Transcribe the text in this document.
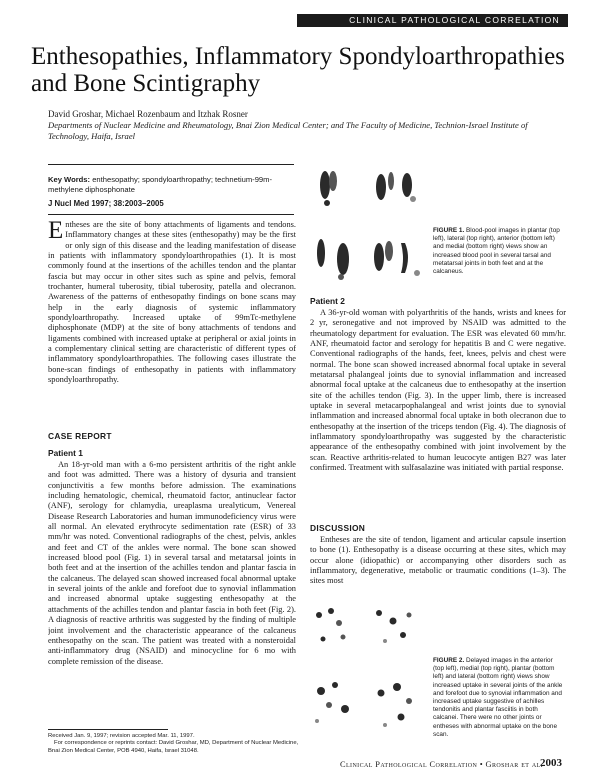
CLINICAL PATHOLOGICAL CORRELATION
Enthesopathies, Inflammatory Spondyloarthropathies and Bone Scintigraphy
David Groshar, Michael Rozenbaum and Itzhak Rosner
Departments of Nuclear Medicine and Rheumatology, Bnai Zion Medical Center; and The Faculty of Medicine, Technion-Israel Institute of Technology, Haifa, Israel
Key Words: enthesopathy; spondyloarthropathy; technetium-99m-methylene diphosphonate
J Nucl Med 1997; 38:2003–2005

Entheses are the site of bony attachments of ligaments and tendons. Inflammatory changes at these sites (enthesopathy) may be the first or only sign of this disease and the leading manifestation of disease in patients with inflammatory spondyloarthropathies (1). It is most commonly found at the insertions of the achilles tendon and the plantar fascia but may occur in other sites such as spine and pelvis, femoral trochanter, humeral tuberosity, tibial tuberosity, patella and olecranon. Awareness of the patterns of enthesopathy findings on bone scans may help in the early diagnosis of systemic inflammatory spondyloarthropathy. Increased uptake of 99mTc-methylene diphosphonate (MDP) at the site of bony attachments of tendons and ligaments combined with increased uptake at peripheral or axial joints in a complementary clinical setting are characteristic of different types of inflammatory spondyloarthropathies. The following cases illustrate the bone-scan findings of enthesopathy in patients with inflammatory spondyloarthropathy.

CASE REPORT
Patient 1

An 18-yr-old man with a 6-mo persistent arthritis of the right ankle and foot was admitted. There was a history of dysuria and transient conjunctivitis a few months before admission. The examinations including hematologic, chemical, rheumatoid factor, antinuclear factor (ANF), serology for chlamydia, ureaplasma urealyticum, Venereal Disease Research Laboratories and human immunodeficiency virus were all normal. An elevated erythrocyte sedimentation rate (ESR) of 33 mm/hr was noted. Conventional radiographs of the chest, pelvis, ankles and feet and CT of the ankles were normal. The bone scan showed increased blood pool (Fig. 1) in several tarsal and metatarsal joints in both feet and at the insertion of the achilles tendon and plantar fascia in the calcaneus. The delayed scan showed increased focal abnormal uptake in several joints of the ankle and forefoot due to synovial inflammation and increased abnormal uptake suggesting enthesopathy at the attachments of the achilles tendon and plantar fascia in both feet (Fig. 2). A diagnosis of reactive arthritis was suggested by the finding of multiple joint involvement and the characteristic appearance of the calcaneus enthesopathy on the scan. The patient was treated with a nonsteroidal anti-inflammatory drug (NSAID) and minocycline for 6 mo with complete remission of the disease.

Received Jan. 9, 1997; revision accepted Mar. 11, 1997.

For correspondence or reprints contact: David Groshar, MD, Department of Nuclear Medicine, Bnai Zion Medical Center, POB 4940, Haifa, Israel 31048.

FIGURE 1. Blood-pool images in plantar (top left), lateral (top right), anterior (bottom left) and medial (bottom right) views show an increased blood pool in several tarsal and metatarsal joints in both feet and at the calcaneus.
Patient 2

A 36-yr-old woman with polyarthritis of the hands, wrists and knees for 2 yr, seronegative and not improved by NSAID was admitted to the rheumatology department for evaluation. The ESR was elevated 60 mm/hr. ANF, rheumatoid factor and serology for hepatitis B and C were negative. Conventional radiographs of the hands, feet, knees, pelvis and chest were normal. The bone scan showed increased abnormal focal uptake in several metatarsal phalangeal joints due to synovial inflammation and increased abnormal focal uptake at the calcaneus due to enthesopathy at the insertion site of the achilles tendon (Fig. 3). In the upper limb, there is increased uptake in several metacarpophalangeal and wrist joints due to synovial inflammation and increased abnormal focal uptake in both olecranon due to enthesopathy at the insertion of the triceps tendon (Fig. 4). The diagnosis of inflammatory spondyloarthropathy was suggested by the characteristic appearance of the enthesopathy combined with joint involvement by the scan. Reactive arthritis-related to human leucocyte antigen B27 was later confirmed. Treatment with sulfasalazine was initiated with partial response.

DISCUSSION

Entheses are the site of tendon, ligament and articular capsule insertion to bone (1). Enthesopathy is a disease occurring at these sites, which may occur alone (idiopathic) or accompanying other disorders such as inflammatory, degenerative, metabolic or traumatic conditions (1–3). The sites most

FIGURE 2. Delayed images in the anterior (top left), medial (top right), plantar (bottom left) and lateral (bottom right) views show increased uptake in several joints of the ankle and forefoot due to synovial inflammation and increased uptake suggestive of achilles tendonitis and plantar fasciitis in both calcanei. There were no other joints or entheses with abnormal uptake on the bone scan.
Clinical Pathological Correlation • Groshar et al.
2003
